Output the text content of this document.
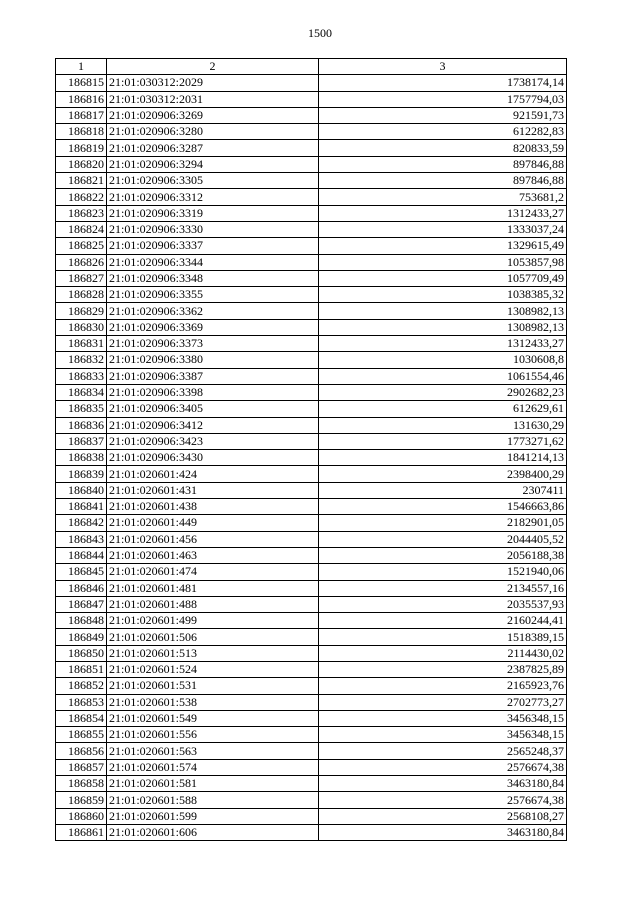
1500
1	2	3
186815	21:01:030312:2029	1738174,14
186816	21:01:030312:2031	1757794,03
186817	21:01:020906:3269	921591,73
186818	21:01:020906:3280	612282,83
186819	21:01:020906:3287	820833,59
186820	21:01:020906:3294	897846,88
186821	21:01:020906:3305	897846,88
186822	21:01:020906:3312	753681,2
186823	21:01:020906:3319	1312433,27
186824	21:01:020906:3330	1333037,24
186825	21:01:020906:3337	1329615,49
186826	21:01:020906:3344	1053857,98
186827	21:01:020906:3348	1057709,49
186828	21:01:020906:3355	1038385,32
186829	21:01:020906:3362	1308982,13
186830	21:01:020906:3369	1308982,13
186831	21:01:020906:3373	1312433,27
186832	21:01:020906:3380	1030608,8
186833	21:01:020906:3387	1061554,46
186834	21:01:020906:3398	2902682,23
186835	21:01:020906:3405	612629,61
186836	21:01:020906:3412	131630,29
186837	21:01:020906:3423	1773271,62
186838	21:01:020906:3430	1841214,13
186839	21:01:020601:424	2398400,29
186840	21:01:020601:431	2307411
186841	21:01:020601:438	1546663,86
186842	21:01:020601:449	2182901,05
186843	21:01:020601:456	2044405,52
186844	21:01:020601:463	2056188,38
186845	21:01:020601:474	1521940,06
186846	21:01:020601:481	2134557,16
186847	21:01:020601:488	2035537,93
186848	21:01:020601:499	2160244,41
186849	21:01:020601:506	1518389,15
186850	21:01:020601:513	2114430,02
186851	21:01:020601:524	2387825,89
186852	21:01:020601:531	2165923,76
186853	21:01:020601:538	2702773,27
186854	21:01:020601:549	3456348,15
186855	21:01:020601:556	3456348,15
186856	21:01:020601:563	2565248,37
186857	21:01:020601:574	2576674,38
186858	21:01:020601:581	3463180,84
186859	21:01:020601:588	2576674,38
186860	21:01:020601:599	2568108,27
186861	21:01:020601:606	3463180,84
